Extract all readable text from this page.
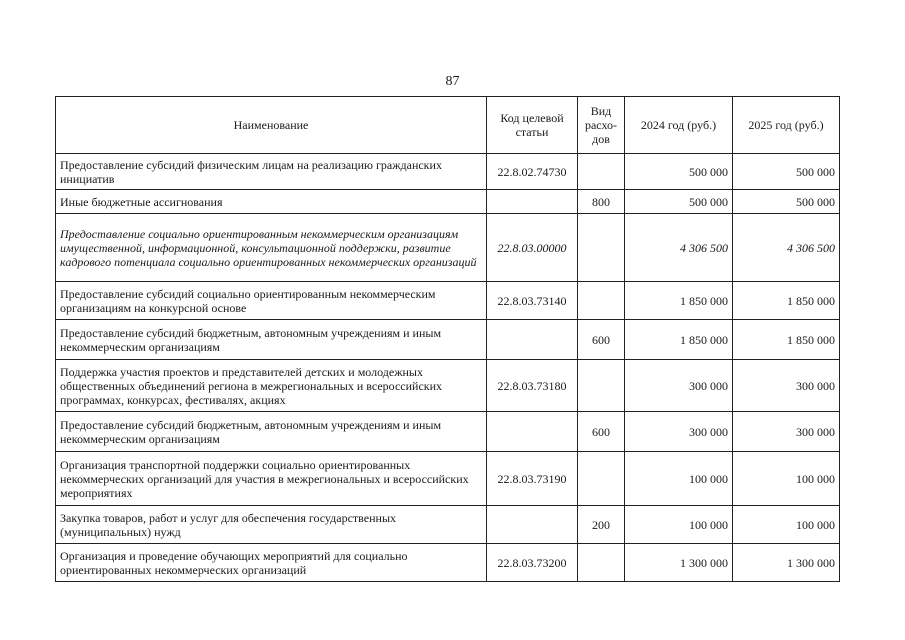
87
Наименование	Код целевой статьи	Вид расхо- дов	2024 год (руб.)	2025 год (руб.)
Предоставление субсидий физическим лицам на реализацию гражданских инициатив	22.8.02.74730		500 000	500 000
Иные бюджетные ассигнования		800	500 000	500 000
Предоставление социально ориентированным некоммерческим организациям имущественной, информационной, консультационной поддержки, развитие кадрового потенциала социально ориентированных некоммерческих организаций	22.8.03.00000		4 306 500	4 306 500
Предоставление субсидий социально ориентированным некоммерческим организациям на конкурсной основе	22.8.03.73140		1 850 000	1 850 000
Предоставление субсидий бюджетным, автономным учреждениям и иным некоммерческим организациям		600	1 850 000	1 850 000
Поддержка участия проектов и представителей детских и молодежных общественных объединений региона в межрегиональных и всероссийских программах, конкурсах, фестивалях, акциях	22.8.03.73180		300 000	300 000
Предоставление субсидий бюджетным, автономным учреждениям и иным некоммерческим организациям		600	300 000	300 000
Организация транспортной поддержки социально ориентированных некоммерческих организаций для участия в межрегиональных и всероссийских мероприятиях	22.8.03.73190		100 000	100 000
Закупка товаров, работ и услуг для обеспечения государственных (муниципальных) нужд		200	100 000	100 000
Организация и проведение обучающих мероприятий для социально ориентированных некоммерческих организаций	22.8.03.73200		1 300 000	1 300 000
